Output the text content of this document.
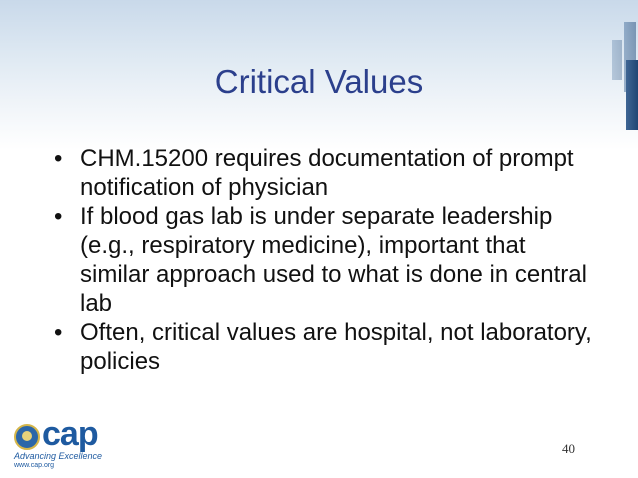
Critical Values
• CHM.15200 requires documentation of prompt notification of physician
• If blood gas lab is under separate leadership (e.g., respiratory medicine), important that similar approach used to what is done in central lab
• Often, critical values are hospital, not laboratory, policies
cap
Advancing Excellence
www.cap.org
40
